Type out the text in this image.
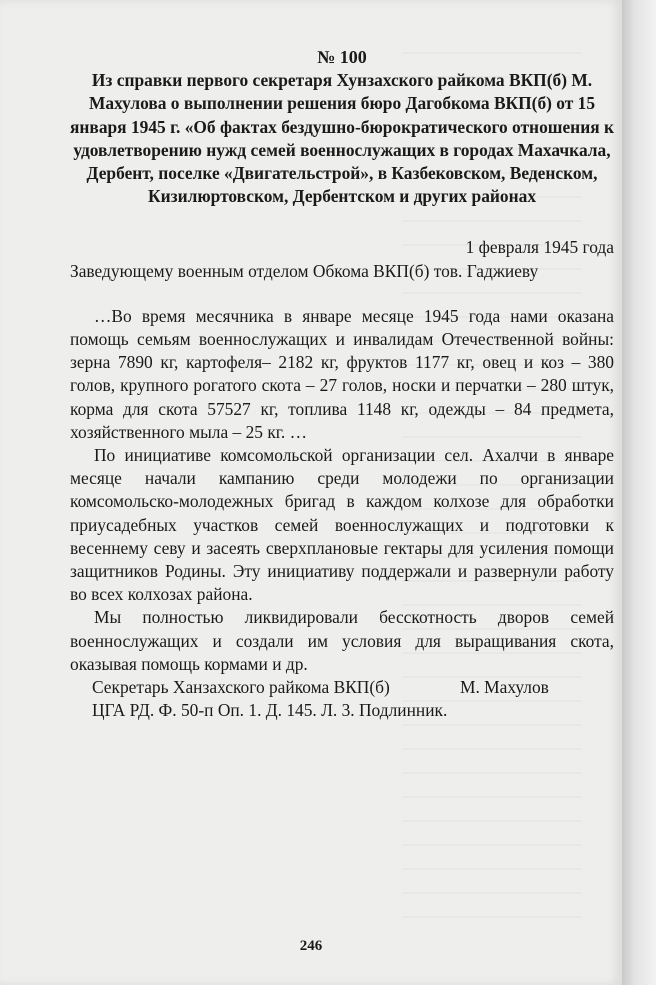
№ 100
Из справки первого секретаря Хунзахского райкома ВКП(б) М. Махулова о выполнении решения бюро Дагобкома ВКП(б) от 15 января 1945 г. «Об фактах бездушно-бюрократического отношения к удовлетворению нужд семей военнослужащих в городах Махачкала, Дербент, поселке «Двигательстрой», в Казбековском, Веденском, Кизилюртовском, Дербентском и других районах
1 февраля 1945 года
Заведующему военным отделом Обкома ВКП(б) тов. Гаджиеву

…Во время месячника в январе месяце 1945 года нами оказана помощь семьям военнослужащих и инвалидам Отечественной войны: зерна 7890 кг, картофеля– 2182 кг, фруктов 1177 кг, овец и коз – 380 голов, крупного рогатого скота – 27 голов, носки и перчатки – 280 штук, корма для скота 57527 кг, топлива 1148 кг, одежды – 84 предмета, хозяйственного мыла – 25 кг. …

По инициативе комсомольской организации сел. Ахалчи в январе месяце начали кампанию среди молодежи по организации комсомольско-молодежных бригад в каждом колхозе для обработки приусадебных участков семей военнослужащих и подготовки к весеннему севу и засеять сверхплановые гектары для усиления помощи защитников Родины. Эту инициативу поддержали и развернули работу во всех колхозах района.

Мы полностью ликвидировали бесскотность дворов семей военнослужащих и создали им условия для выращивания скота, оказывая помощь кормами и др.

Секретарь Ханзахского райкома ВКП(б)	М. Махулов
ЦГА РД. Ф. 50-п Оп. 1. Д. 145. Л. 3. Подлинник.
246
